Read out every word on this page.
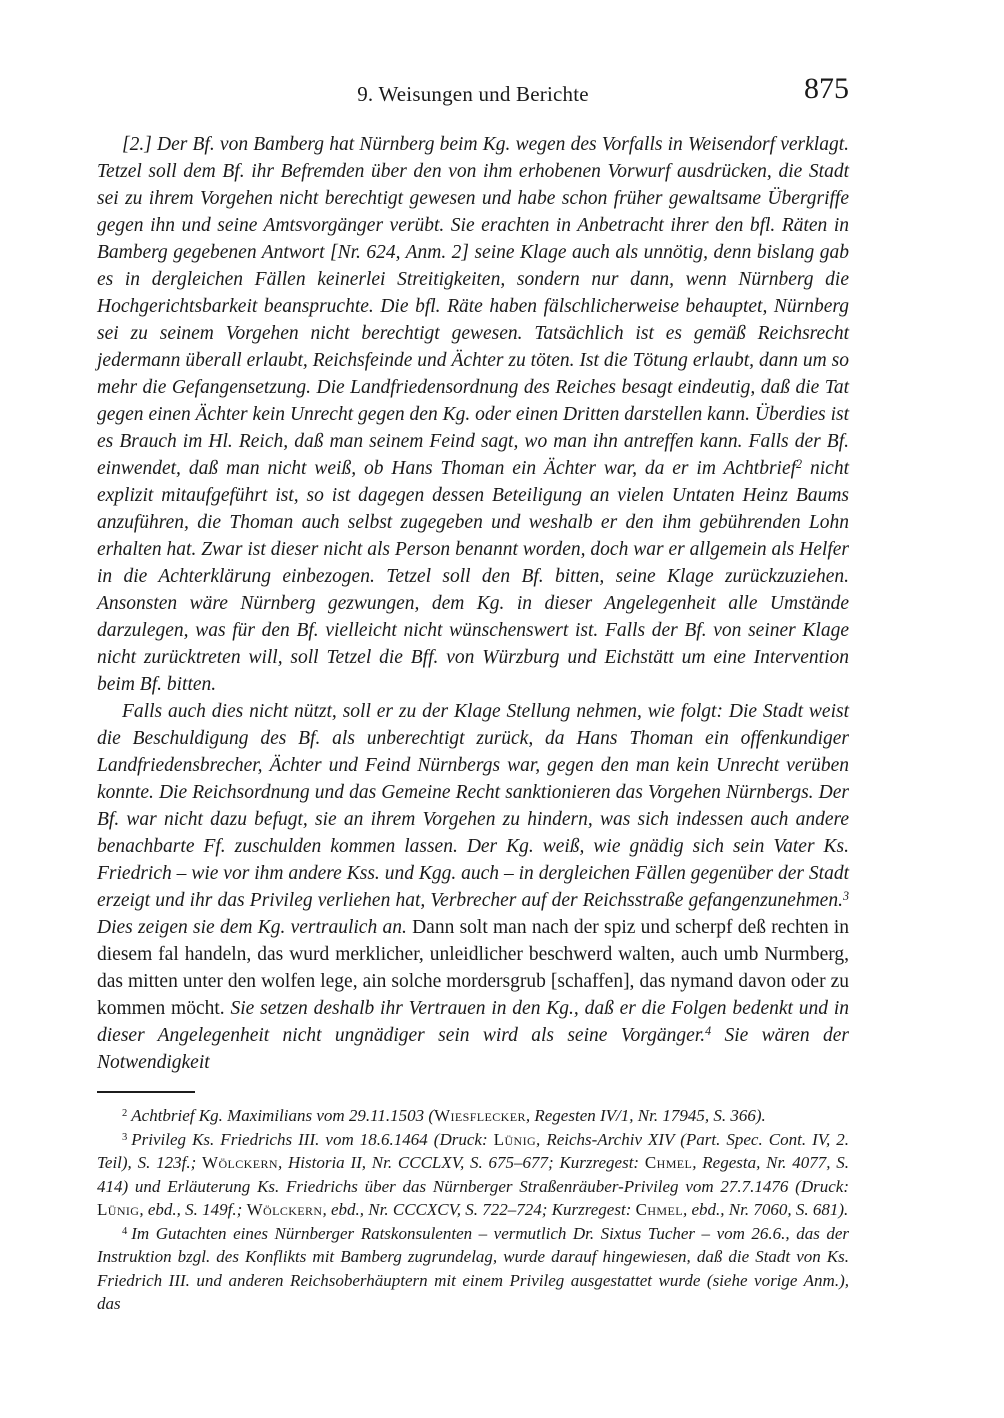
9. Weisungen und Berichte	875

[2.] Der Bf. von Bamberg hat Nürnberg beim Kg. wegen des Vorfalls in Weisendorf verklagt. Tetzel soll dem Bf. ihr Befremden über den von ihm erhobenen Vorwurf ausdrücken, die Stadt sei zu ihrem Vorgehen nicht berechtigt gewesen und habe schon früher gewaltsame Übergriffe gegen ihn und seine Amtsvorgänger verübt. Sie erachten in Anbetracht ihrer den bfl. Räten in Bamberg gegebenen Antwort [Nr. 624, Anm. 2] seine Klage auch als unnötig, denn bislang gab es in dergleichen Fällen keinerlei Streitigkeiten, sondern nur dann, wenn Nürnberg die Hochgerichtsbarkeit beanspruchte. Die bfl. Räte haben fälschlicherweise behauptet, Nürnberg sei zu seinem Vorgehen nicht berechtigt gewesen. Tatsächlich ist es gemäß Reichsrecht jedermann überall erlaubt, Reichsfeinde und Ächter zu töten. Ist die Tötung erlaubt, dann um so mehr die Gefangensetzung. Die Landfriedensordnung des Reiches besagt eindeutig, daß die Tat gegen einen Ächter kein Unrecht gegen den Kg. oder einen Dritten darstellen kann. Überdies ist es Brauch im Hl. Reich, daß man seinem Feind sagt, wo man ihn antreffen kann. Falls der Bf. einwendet, daß man nicht weiß, ob Hans Thoman ein Ächter war, da er im Achtbrief$^2$ nicht explizit mitaufgeführt ist, so ist dagegen dessen Beteiligung an vielen Untaten Heinz Baums anzuführen, die Thoman auch selbst zugegeben und weshalb er den ihm gebührenden Lohn erhalten hat. Zwar ist dieser nicht als Person benannt worden, doch war er allgemein als Helfer in die Achterklärung einbezogen. Tetzel soll den Bf. bitten, seine Klage zurückzuziehen. Ansonsten wäre Nürnberg gezwungen, dem Kg. in dieser Angelegenheit alle Umstände darzulegen, was für den Bf. vielleicht nicht wünschenswert ist. Falls der Bf. von seiner Klage nicht zurücktreten will, soll Tetzel die Bff. von Würzburg und Eichstätt um eine Intervention beim Bf. bitten.

Falls auch dies nicht nützt, soll er zu der Klage Stellung nehmen, wie folgt: Die Stadt weist die Beschuldigung des Bf. als unberechtigt zurück, da Hans Thoman ein offenkundiger Landfriedensbrecher, Ächter und Feind Nürnbergs war, gegen den man kein Unrecht verüben konnte. Die Reichsordnung und das Gemeine Recht sanktionieren das Vorgehen Nürnbergs. Der Bf. war nicht dazu befugt, sie an ihrem Vorgehen zu hindern, was sich indessen auch andere benachbarte Ff. zuschulden kommen lassen. Der Kg. weiß, wie gnädig sich sein Vater Ks. Friedrich – wie vor ihm andere Kss. und Kgg. auch – in dergleichen Fällen gegenüber der Stadt erzeigt und ihr das Privileg verliehen hat, Verbrecher auf der Reichsstraße gefangenzunehmen.$^3$ Dies zeigen sie dem Kg. vertraulich an. Dann solt man nach der spiz und scherpf deß rechten in diesem fal handeln, das wurd merklicher, unleidlicher beschwerd walten, auch umb Nurmberg, das mitten unter den wolfen lege, ain solche mordersgrub [schaffen], das nymand davon oder zu kommen möcht. Sie setzen deshalb ihr Vertrauen in den Kg., daß er die Folgen bedenkt und in dieser Angelegenheit nicht ungnädiger sein wird als seine Vorgänger.$^4$ Sie wären der Notwendigkeit

$^2$ Achtbrief Kg. Maximilians vom 29.11.1503 (Wiesflecker, Regesten IV/1, Nr. 17945, S. 366).

$^3$ Privileg Ks. Friedrichs III. vom 18.6.1464 (Druck: Lünig, Reichs-Archiv XIV (Part. Spec. Cont. IV, 2. Teil), S. 123f.; Wölckern, Historia II, Nr. CCCLXV, S. 675–677; Kurzregest: Chmel, Regesta, Nr. 4077, S. 414) und Erläuterung Ks. Friedrichs über das Nürnberger Straßenräuber-Privileg vom 27.7.1476 (Druck: Lünig, ebd., S. 149f.; Wölckern, ebd., Nr. CCCXCV, S. 722–724; Kurzregest: Chmel, ebd., Nr. 7060, S. 681).

$^4$ Im Gutachten eines Nürnberger Ratskonsulenten – vermutlich Dr. Sixtus Tucher – vom 26.6., das der Instruktion bzgl. des Konflikts mit Bamberg zugrundelag, wurde darauf hingewiesen, daß die Stadt von Ks. Friedrich III. und anderen Reichsoberhäuptern mit einem Privileg ausgestattet wurde (siehe vorige Anm.), das
